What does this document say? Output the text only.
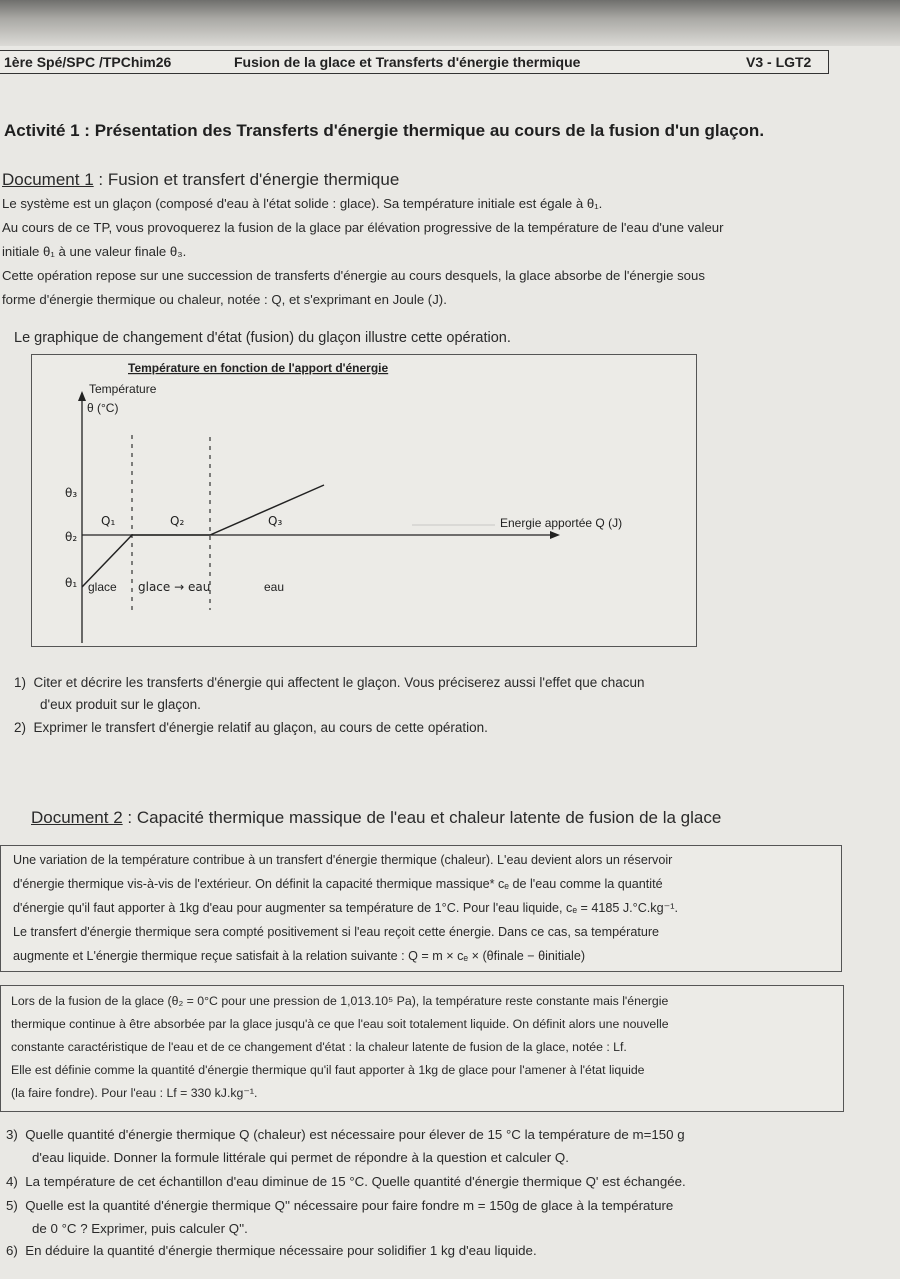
1ère Spé/SPC /TPChim26	Fusion de la glace et Transferts d'énergie thermique	V3 - LGT2
Activité 1 : Présentation des Transferts d'énergie thermique au cours de la fusion d'un glaçon.
Document 1 : Fusion et transfert d'énergie thermique
Le système est un glaçon (composé d'eau à l'état solide : glace). Sa température initiale est égale à θ₁.
Au cours de ce TP, vous provoquerez la fusion de la glace par élévation progressive de la température de l'eau d'une valeur
initiale θ₁ à une valeur finale θ₃.
Cette opération repose sur une succession de transferts d'énergie au cours desquels, la glace absorbe de l'énergie sous
forme d'énergie thermique ou chaleur, notée : Q, et s'exprimant en Joule (J).
Le graphique de changement d'état (fusion) du glaçon illustre cette opération.
Température en fonction de l'apport d'énergie
Température
θ (°C)
θ₃
θ₂
θ₁
Q₁	Q₂	Q₃	Energie apportée Q (J)
glace glace → eau	eau
1) Citer et décrire les transferts d'énergie qui affectent le glaçon. Vous préciserez aussi l'effet que chacun
d'eux produit sur le glaçon.
2) Exprimer le transfert d'énergie relatif au glaçon, au cours de cette opération.
Document 2 : Capacité thermique massique de l'eau et chaleur latente de fusion de la glace
Une variation de la température contribue à un transfert d'énergie thermique (chaleur). L'eau devient alors un réservoir
d'énergie thermique vis-à-vis de l'extérieur. On définit la capacité thermique massique* cₑ de l'eau comme la quantité
d'énergie qu'il faut apporter à 1kg d'eau pour augmenter sa température de 1°C. Pour l'eau liquide, cₑ = 4185 J.°C.kg⁻¹.
Le transfert d'énergie thermique sera compté positivement si l'eau reçoit cette énergie. Dans ce cas, sa température
augmente et L'énergie thermique reçue satisfait à la relation suivante : Q = m × cₑ × (θfinale − θinitiale)
Lors de la fusion de la glace (θ₂ = 0°C pour une pression de 1,013.10⁵ Pa), la température reste constante mais l'énergie
thermique continue à être absorbée par la glace jusqu'à ce que l'eau soit totalement liquide. On définit alors une nouvelle
constante caractéristique de l'eau et de ce changement d'état : la chaleur latente de fusion de la glace, notée : Lf.
Elle est définie comme la quantité d'énergie thermique qu'il faut apporter à 1kg de glace pour l'amener à l'état liquide
(la faire fondre). Pour l'eau : Lf = 330 kJ.kg⁻¹.
3) Quelle quantité d'énergie thermique Q (chaleur) est nécessaire pour élever de 15 °C la température de m=150 g
d'eau liquide. Donner la formule littérale qui permet de répondre à la question et calculer Q.
4) La température de cet échantillon d'eau diminue de 15 °C. Quelle quantité d'énergie thermique Q' est échangée.
5) Quelle est la quantité d'énergie thermique Q'' nécessaire pour faire fondre m = 150g de glace à la température
de 0 °C ? Exprimer, puis calculer Q''.
6) En déduire la quantité d'énergie thermique nécessaire pour solidifier 1 kg d'eau liquide.
